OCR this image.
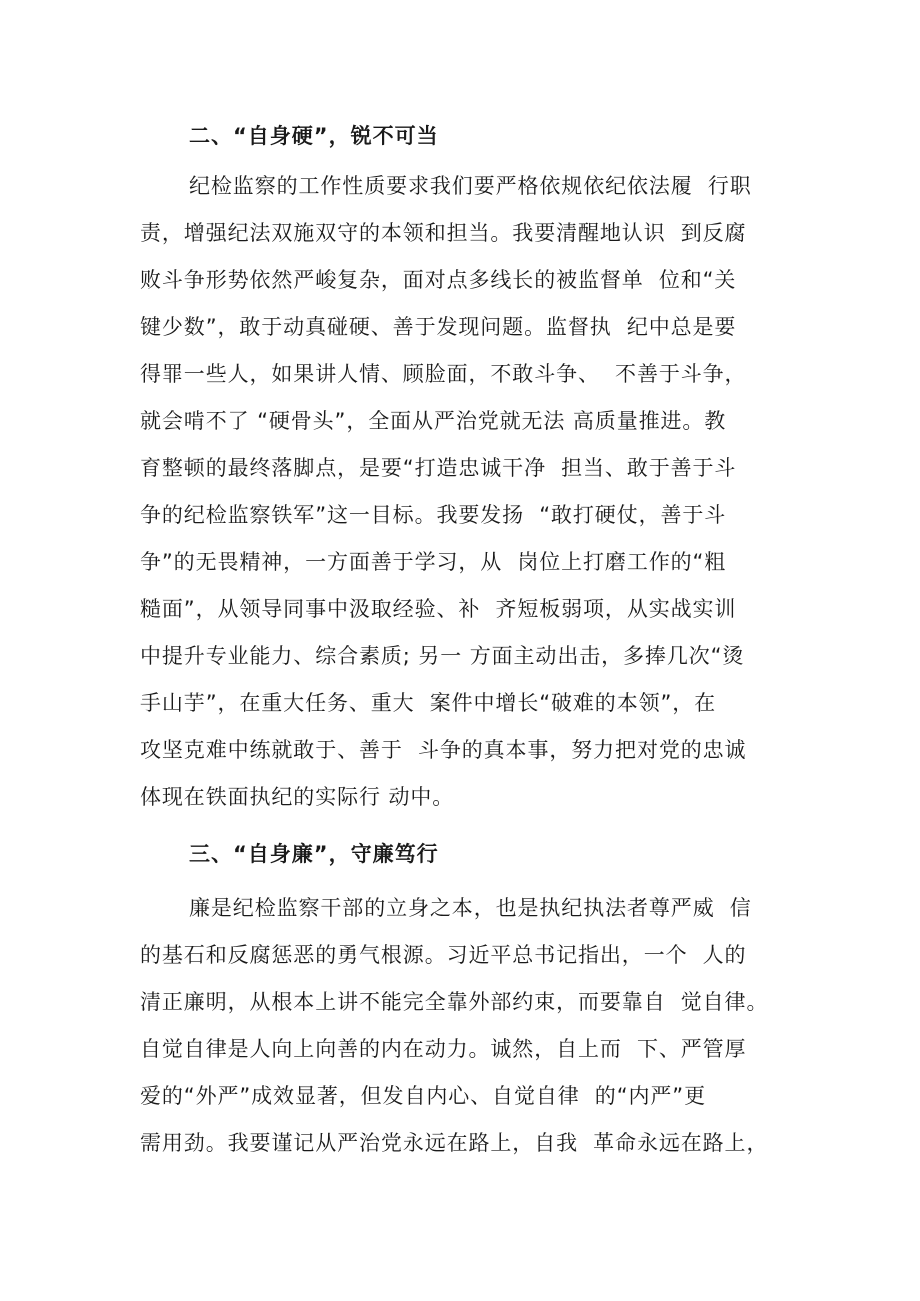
二、“自身硬”，锐不可当
纪检监察的工作性质要求我们要严格依规依纪依法履  行职
责，增强纪法双施双守的本领和担当。我要清醒地认识  到反腐
败斗争形势依然严峻复杂，面对点多线长的被监督单  位和“关
键少数”，敢于动真碰硬、善于发现问题。监督执  纪中总是要
得罪一些人，如果讲人情、顾脸面，不敢斗争、  不善于斗争，
就会啃不了 “硬骨头”，全面从严治党就无法 高质量推进。教
育整顿的最终落脚点，是要“打造忠诚干净  担当、敢于善于斗
争的纪检监察铁军”这一目标。我要发扬  “敢打硬仗，善于斗
争”的无畏精神，一方面善于学习，从  岗位上打磨工作的“粗
糙面”，从领导同事中汲取经验、补  齐短板弱项，从实战实训
中提升专业能力、综合素质; 另一 方面主动出击，多捧几次“烫
手山芋”，在重大任务、重大  案件中增长“破难的本领”，在
攻坚克难中练就敢于、善于  斗争的真本事，努力把对党的忠诚
体现在铁面执纪的实际行 动中。
三、“自身廉”，守廉笃行
廉是纪检监察干部的立身之本，也是执纪执法者尊严威  信
的基石和反腐惩恶的勇气根源。习近平总书记指出，一个  人的
清正廉明，从根本上讲不能完全靠外部约束，而要靠自  觉自律。
自觉自律是人向上向善的内在动力。诚然，自上而  下、严管厚
爱的“外严”成效显著，但发自内心、自觉自律  的“内严”更
需用劲。我要谨记从严治党永远在路上，自我  革命永远在路上，
